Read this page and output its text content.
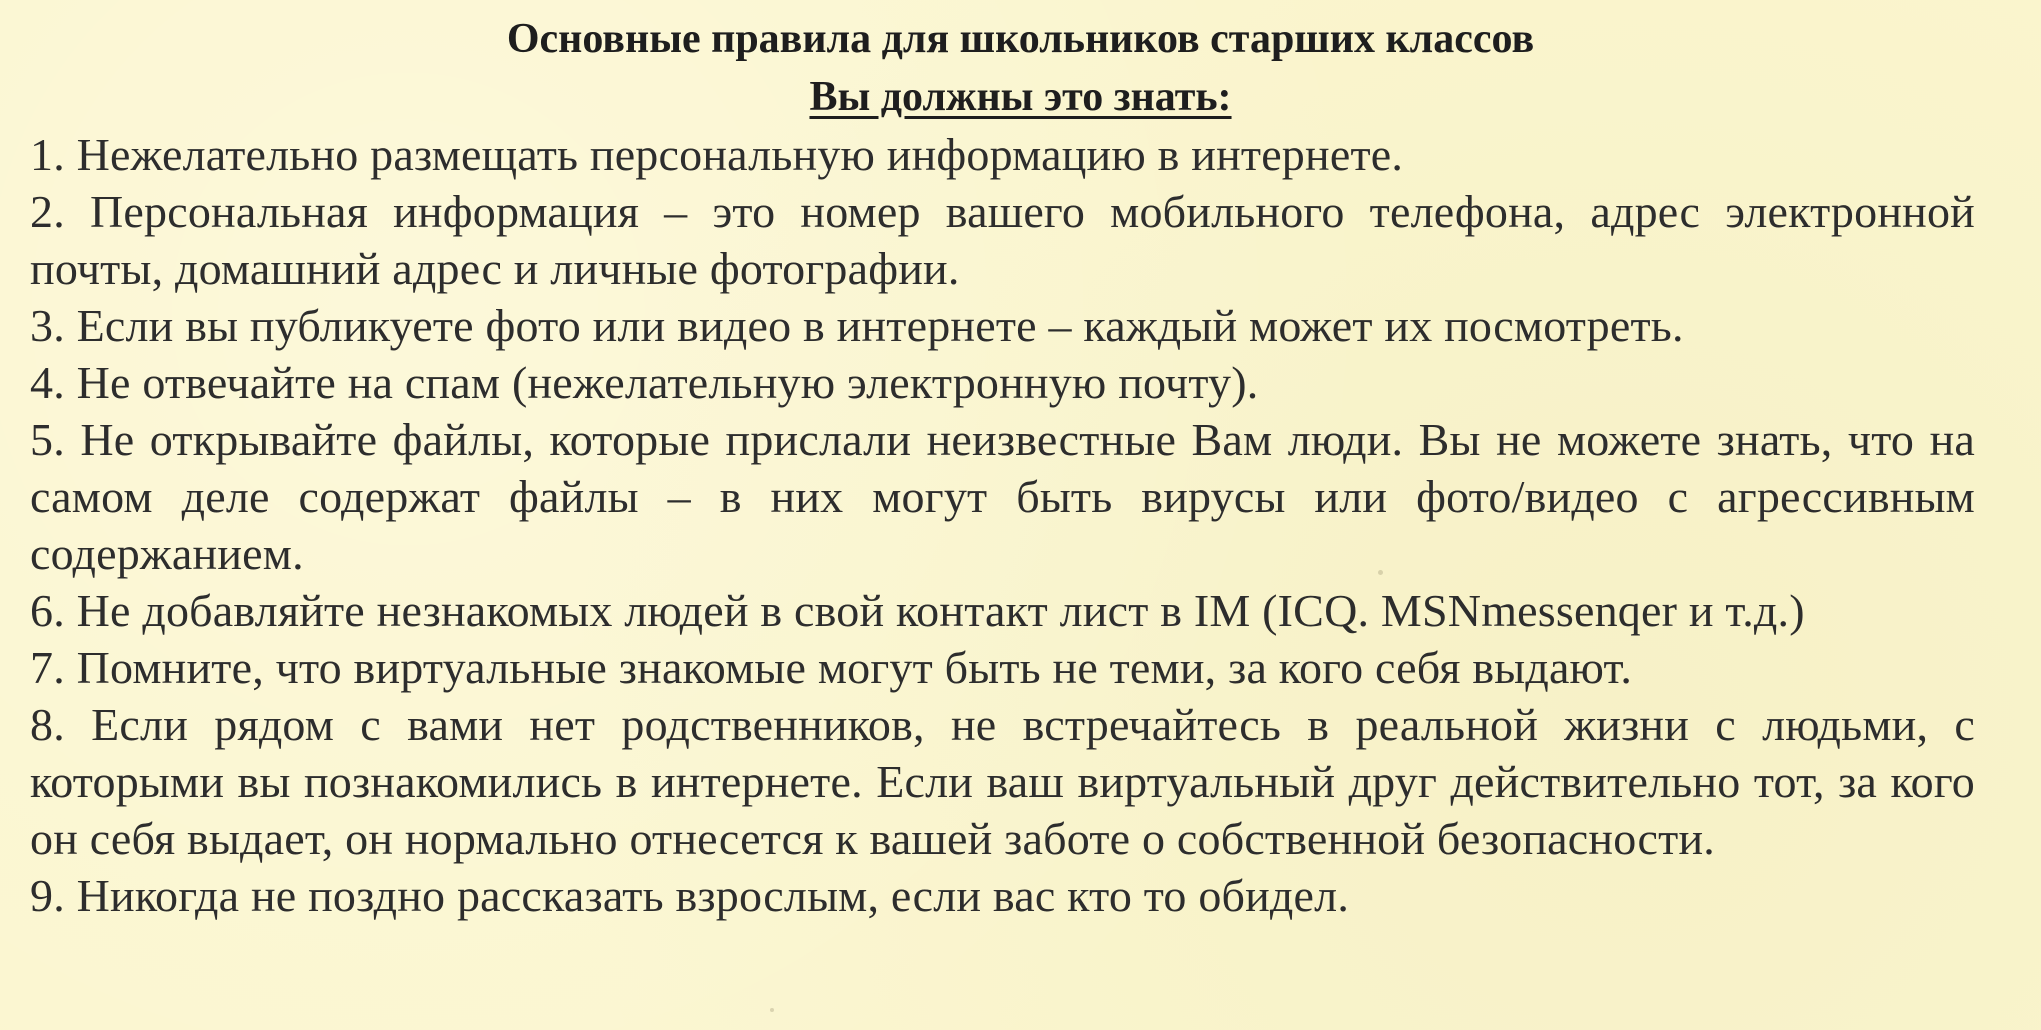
Основные правила для школьников старших классов
Вы должны это знать:
1. Нежелательно размещать персональную информацию в интернете.
2. Персональная информация – это номер вашего мобильного телефона, адрес электронной почты, домашний адрес и личные фотографии.
3. Если вы публикуете фото или видео в интернете – каждый может их посмотреть.
4. Не отвечайте на спам (нежелательную электронную почту).
5. Не открывайте файлы, которые прислали неизвестные Вам люди. Вы не можете знать, что на самом деле содержат файлы – в них могут быть вирусы или фото/видео с агрессивным содержанием.
6. Не добавляйте незнакомых людей в свой контакт лист в IM (ICQ. MSNmessenqer и т.д.)
7. Помните, что виртуальные знакомые могут быть не теми, за кого себя выдают.
8. Если рядом с вами нет родственников, не встречайтесь в реальной жизни с людьми, с которыми вы познакомились в интернете. Если ваш виртуальный друг действительно тот, за кого он себя выдает, он нормально отнесется к вашей заботе о собственной безопасности.
9. Никогда не поздно рассказать взрослым, если вас кто то обидел.
